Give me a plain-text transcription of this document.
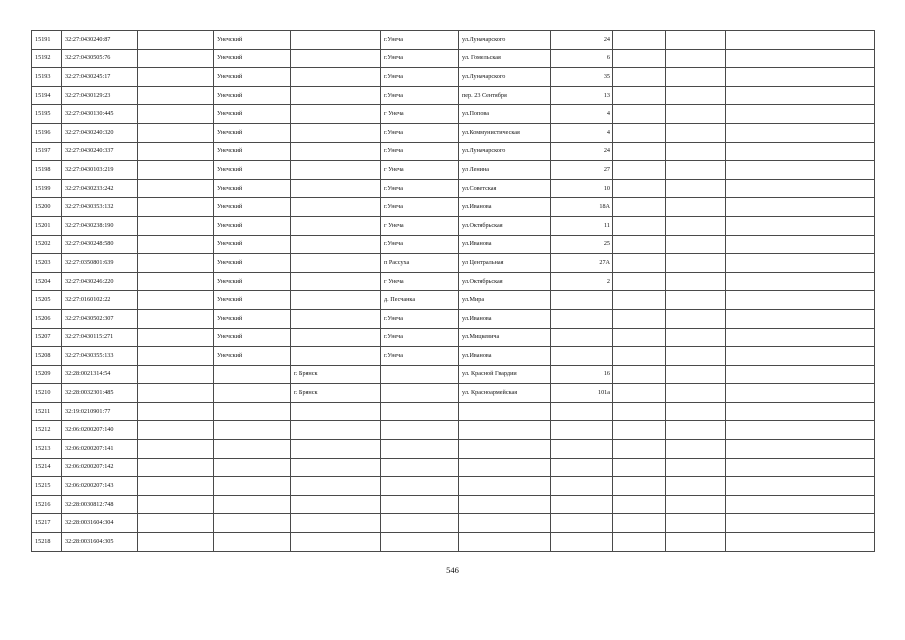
15191	32:27:0430240:87		Унечский		г.Унеча	ул.Луначарского	24			
15192	32:27:0430505:76		Унечский		г.Унеча	ул. Гомельская	6			
15193	32:27:0430245:17		Унечский		г.Унеча	ул.Луначарского	35			
15194	32:27:0430129:23		Унечский		г.Унеча	пер. 23 Сентября	13			
15195	32:27:0430130:445		Унечский		г Унеча	ул.Попова	4			
15196	32:27:0430240:320		Унечский		г.Унеча	ул.Коммунистическая	4			
15197	32:27:0430240:337		Унечский		г.Унеча	ул.Луначарского	24			
15198	32:27:0430103:219		Унечский		г Унеча	ул Ленина	27			
15199	32:27:0430233:242		Унечский		г.Унеча	ул.Советская	10			
15200	32:27:0430353:132		Унечский		г.Унеча	ул.Иванова	18А			
15201	32:27:0430238:190		Унечский		г Унеча	ул.Октябрьская	11			
15202	32:27:0430248:580		Унечский		г.Унеча	ул.Иванова	25			
15203	32:27:0350801:639		Унечский		п Рассуха	ул Центральная	27А			
15204	32:27:0430246:220		Унечский		г Унеча	ул.Октябрьская	2			
15205	32:27:0160102:22		Унечский		д. Песчанка	ул.Мира				
15206	32:27:0430502:307		Унечский		г.Унеча	ул.Иванова				
15207	32:27:0430115:271		Унечский		г.Унеча	ул.Мицкевича				
15208	32:27:0430355:133		Унечский		г.Унеча	ул.Иванова				
15209	32:28:0021314:54			г. Брянск		ул. Красной Гвардии	16			
15210	32:28:0032301:485			г. Брянск		ул. Красноармейская	101а			
15211	32:19:0210901:77									
15212	32:06:0200207:140									
15213	32:06:0200207:141									
15214	32:06:0200207:142									
15215	32:06:0200207:143									
15216	32:28:0030812:748									
15217	32:28:0031604:304									
15218	32:28:0031604:305									
546
